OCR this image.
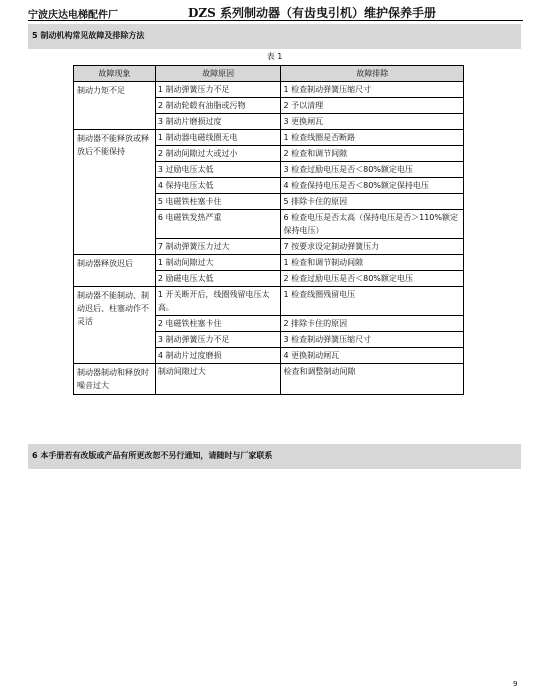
宁波庆达电梯配件厂	DZS 系列制动器（有齿曳引机）维护保养手册
5 制动机构常见故障及排除方法
表 1
故障现象	故障原因	故障排除
制动力矩不足	1 制动弹簧压力不足	1 检查制动弹簧压缩尺寸
	2 制动轮毂有油脂或污物	2 予以清理
	3 制动片磨损过度	3 更换闸瓦
制动器不能释放或释放后不能保持	1 制动器电磁线圈无电	1 检查线圈是否断路
	2 制动间隙过大或过小	2 检查和调节间隙
	3 过励电压太低	3 检查过励电压是否＜80%额定电压
	4 保持电压太低	4 检查保持电压是否＜80%额定保持电压
	5 电磁铁柱塞卡住	5 排除卡住的原因
	6 电磁铁发热严重	6 检查电压是否太高（保持电压是否＞110%额定保持电压）
	7 制动弹簧压力过大	7 按要求设定制动弹簧压力
制动器释放迟后	1 制动间隙过大	1 检查和调节制动间隙
	2 励磁电压太低	2 检查过励电压是否＜80%额定电压
制动器不能制动、制动迟后、柱塞动作不灵活	1 开关断开后，线圈残留电压太高。	1 检查线圈残留电压
	2 电磁铁柱塞卡住	2 排除卡住的原因
	3 制动弹簧压力不足	3 检查制动弹簧压缩尺寸
	4 制动片过度磨损	4 更换制动闸瓦
制动器制动和释放时噪音过大	制动间隙过大	检查和调整制动间隙
6 本手册若有改版或产品有所更改恕不另行通知，请随时与厂家联系
9
